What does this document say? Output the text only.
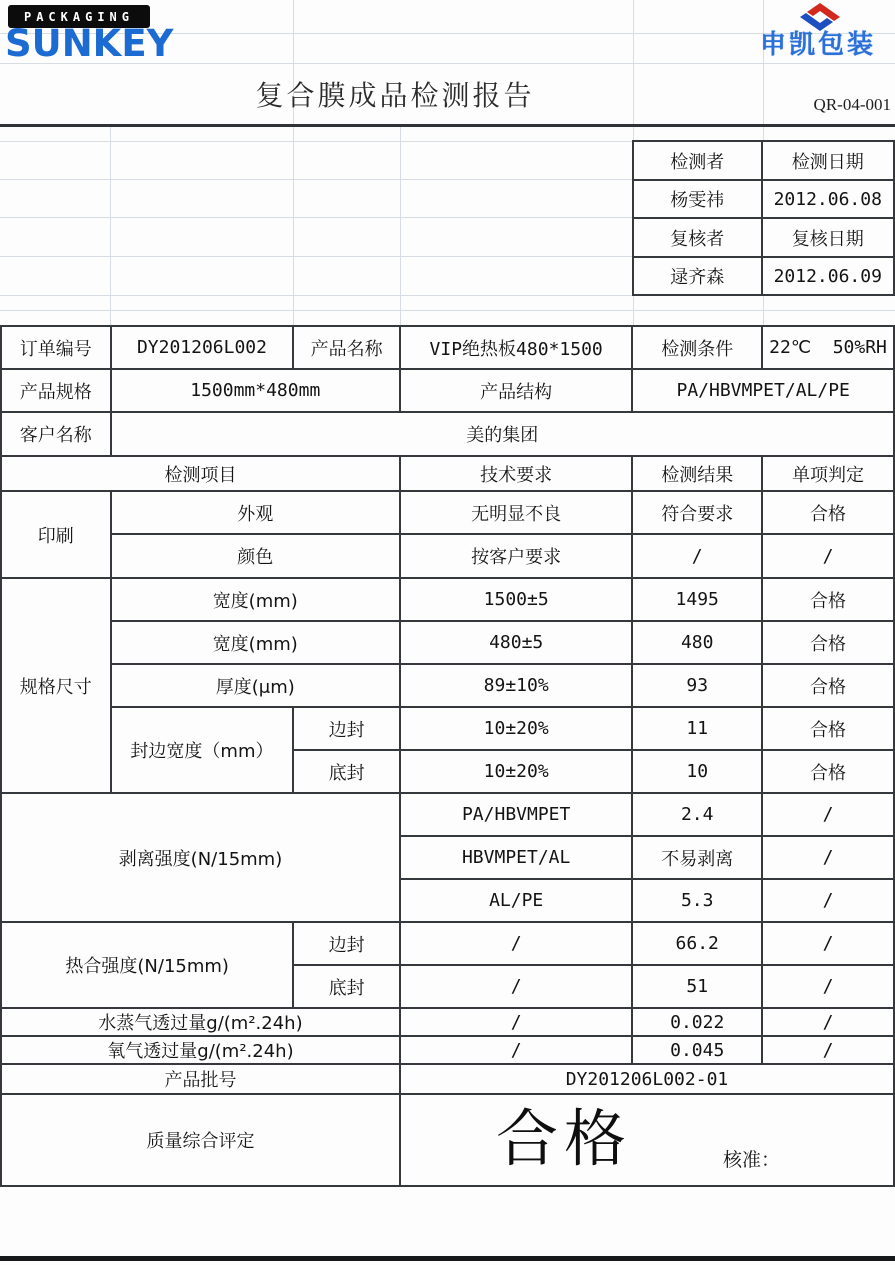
PACKAGING
SUNKEY	申凯包装
复合膜成品检测报告	QR-04-001
检测者	检测日期
杨雯祎	2012.06.08
复核者	复核日期
逯齐森	2012.06.09
订单编号	DY201206L002	产品名称	VIP绝热板480*1500	检测条件	22℃  50%RH
产品规格	1500mm*480mm		产品结构	PA/HBVMPET/AL/PE	
客户名称	美的集团				
检测项目			技术要求	检测结果	单项判定
印刷	外观		无明显不良	符合要求	合格
	颜色		按客户要求	/	/
规格尺寸	宽度(mm)		1500±5	1495	合格
	宽度(mm)		480±5	480	合格
	厚度(μm)		89±10%	93	合格
	封边宽度（mm）	边封	10±20%	11	合格
		底封	10±20%	10	合格
剥离强度(N/15mm)			PA/HBVMPET	2.4	/
			HBVMPET/AL	不易剥离	/
			AL/PE	5.3	/
热合强度(N/15mm)		边封	/	66.2	/
		底封	/	51	/
水蒸气透过量g/(m².24h)			/	0.022	/
氧气透过量g/(m².24h)			/	0.045	/
产品批号			DY201206L002-01		
质量综合评定			合格 核准：		
